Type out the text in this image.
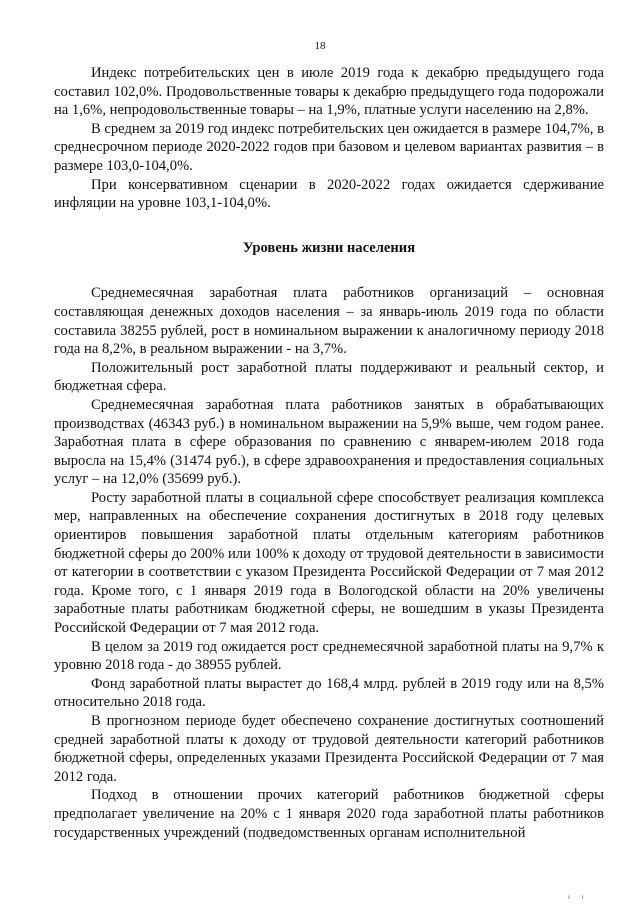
18

Индекс потребительских цен в июле 2019 года к декабрю предыдущего года составил 102,0%. Продовольственные товары к декабрю предыдущего года подорожали на 1,6%, непродовольственные товары – на 1,9%, платные услуги населению на 2,8%.

В среднем за 2019 год индекс потребительских цен ожидается в размере 104,7%, в среднесрочном периоде 2020-2022 годов при базовом и целевом вариантах развития – в размере 103,0-104,0%.

При консервативном сценарии в 2020-2022 годах ожидается сдерживание инфляции на уровне 103,1-104,0%.

Уровень жизни населения

Среднемесячная заработная плата работников организаций – основная составляющая денежных доходов населения – за январь-июль 2019 года по области составила 38255 рублей, рост в номинальном выражении к аналогичному периоду 2018 года на 8,2%, в реальном выражении - на 3,7%.

Положительный рост заработной платы поддерживают и реальный сектор, и бюджетная сфера.

Среднемесячная заработная плата работников занятых в обрабатывающих производствах (46343 руб.) в номинальном выражении на 5,9% выше, чем годом ранее. Заработная плата в сфере образования по сравнению с январем-июлем 2018 года выросла на 15,4% (31474 руб.), в сфере здравоохранения и предоставления социальных услуг – на 12,0% (35699 руб.).

Росту заработной платы в социальной сфере способствует реализация комплекса мер, направленных на обеспечение сохранения достигнутых в 2018 году целевых ориентиров повышения заработной платы отдельным категориям работников бюджетной сферы до 200% или 100% к доходу от трудовой деятельности в зависимости от категории в соответствии с указом Президента Российской Федерации от 7 мая 2012 года. Кроме того, с 1 января 2019 года в Вологодской области на 20% увеличены заработные платы работникам бюджетной сферы, не вошедшим в указы Президента Российской Федерации от 7 мая 2012 года.

В целом за 2019 год ожидается рост среднемесячной заработной платы на 9,7% к уровню 2018 года - до 38955 рублей.

Фонд заработной платы вырастет до 168,4 млрд. рублей в 2019 году или на 8,5% относительно 2018 года.

В прогнозном периоде будет обеспечено сохранение достигнутых соотношений средней заработной платы к доходу от трудовой деятельности категорий работников бюджетной сферы, определенных указами Президента Российской Федерации от 7 мая 2012 года.

Подход в отношении прочих категорий работников бюджетной сферы предполагает увеличение на 20% с 1 января 2020 года заработной платы работников государственных учреждений (подведомственных органам исполнительной

ı ı
